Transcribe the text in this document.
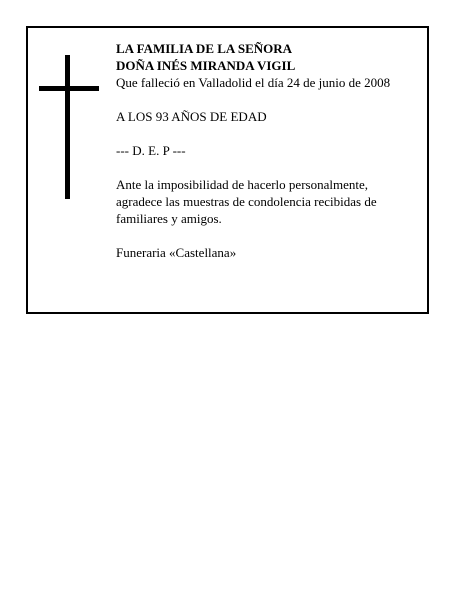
LA FAMILIA DE LA SEÑORA

DOÑA INÉS MIRANDA VIGIL

Que falleció en Valladolid el día 24 de junio de 2008

A LOS 93 AÑOS DE EDAD

--- D. E. P ---

Ante la imposibilidad de hacerlo personalmente,

agradece las muestras de condolencia recibidas de

familiares y amigos.

Funeraria «Castellana»
